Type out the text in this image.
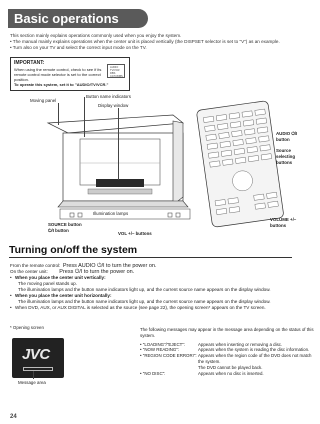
Basic operations

This section mainly explains operations commonly used when you enjoy the system.

• The manual mainly explains operations when the center unit is placed vertically (the DISPSET selector is set to "V") as an example.

• Turn also on your TV and select the correct input mode on the TV.

IMPORTANT:
When using the remote control, check to see if its
remote control mode selector is set to the correct
position.
To operate this system, set it to "AUDIO/TV/VCR."
AUDIO
TV/VCR
DBS
CATV/DBS
Moving panel
Button name indicators
Display window
Illumination lamps
SOURCE button
⏻/I button
VOL +/– buttons
AUDIO ⏻/I
button
Source
selecting
buttons
VOLUME +/–
buttons
Turning on/off the system
From the remote control: Press AUDIO ⏻/I to turn the power on.
On the center unit: Press ⏻/I to turn the power on.
• When you place the center unit vertically:
The moving panel stands up.
The illumination lamps and the button name indicators light up, and the current source name appears on the display window.
• When you place the center unit horizontally:
The illumination lamps and the button name indicators light up, and the current source name appears on the display window.
• When DVD, AUX, or AUX DIGITAL is selected as the source (see page 22), the opening screen* appears on the TV screen.
* Opening screen
JVC
Message area
The following messages may appear in the message area depending on the status of this
system.
• "LOADING"/"EJECT":	Appears when inserting or removing a disc.
• "NOW READING":	Appears when the system is reading the disc information.
• "REGION CODE ERROR!": Appears when the region code of the DVD does not match
the system.
The DVD cannot be played back.
• "NO DISC":	Appears when no disc is inserted.
24
